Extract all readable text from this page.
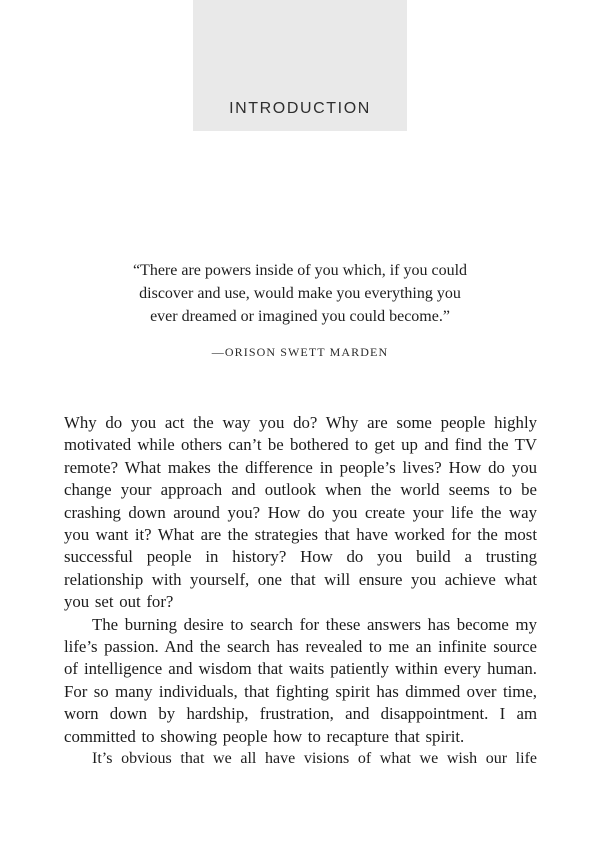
INTRODUCTION
“There are powers inside of you which, if you could
discover and use, would make you everything you
ever dreamed or imagined you could become.”
—ORISON SWETT MARDEN

Why do you act the way you do? Why are some people highly motivated while others can’t be bothered to get up and find the TV remote? What makes the difference in people’s lives? How do you change your approach and outlook when the world seems to be crashing down around you? How do you create your life the way you want it? What are the strategies that have worked for the most successful people in history? How do you build a trusting relationship with yourself, one that will ensure you achieve what you set out for?

The burning desire to search for these answers has become my life’s passion. And the search has revealed to me an infinite source of intelligence and wisdom that waits patiently within every human. For so many individuals, that fighting spirit has dimmed over time, worn down by hardship, frustration, and disappointment. I am committed to showing people how to recapture that spirit.

It’s obvious that we all have visions of what we wish our life
